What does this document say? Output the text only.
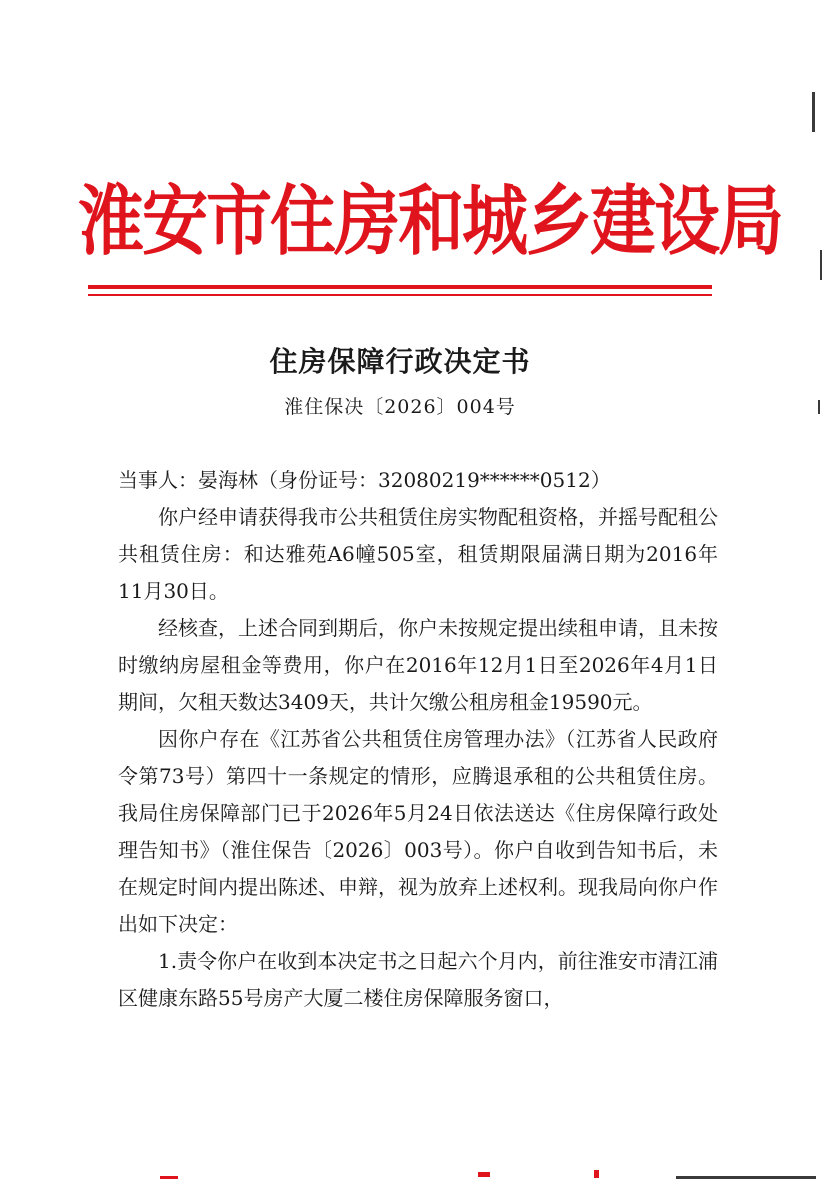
淮安市住房和城乡建设局
住房保障行政决定书
淮住保决〔2026〕004号

当事人：晏海林（身份证号：32080219******0512）

你户经申请获得我市公共租赁住房实物配租资格，并摇号配租公共租赁住房：和达雅苑A6幢505室，租赁期限届满日期为2016年11月30日。

经核查，上述合同到期后，你户未按规定提出续租申请，且未按时缴纳房屋租金等费用，你户在2016年12月1日至2026年4月1日期间，欠租天数达3409天，共计欠缴公租房租金19590元。

因你户存在《江苏省公共租赁住房管理办法》（江苏省人民政府令第73号）第四十一条规定的情形，应腾退承租的公共租赁住房。我局住房保障部门已于2026年5月24日依法送达《住房保障行政处理告知书》（淮住保告〔2026〕003号）。你户自收到告知书后，未在规定时间内提出陈述、申辩，视为放弃上述权利。现我局向你户作出如下决定：

1.责令你户在收到本决定书之日起六个月内，前往淮安市清江浦区健康东路55号房产大厦二楼住房保障服务窗口，
